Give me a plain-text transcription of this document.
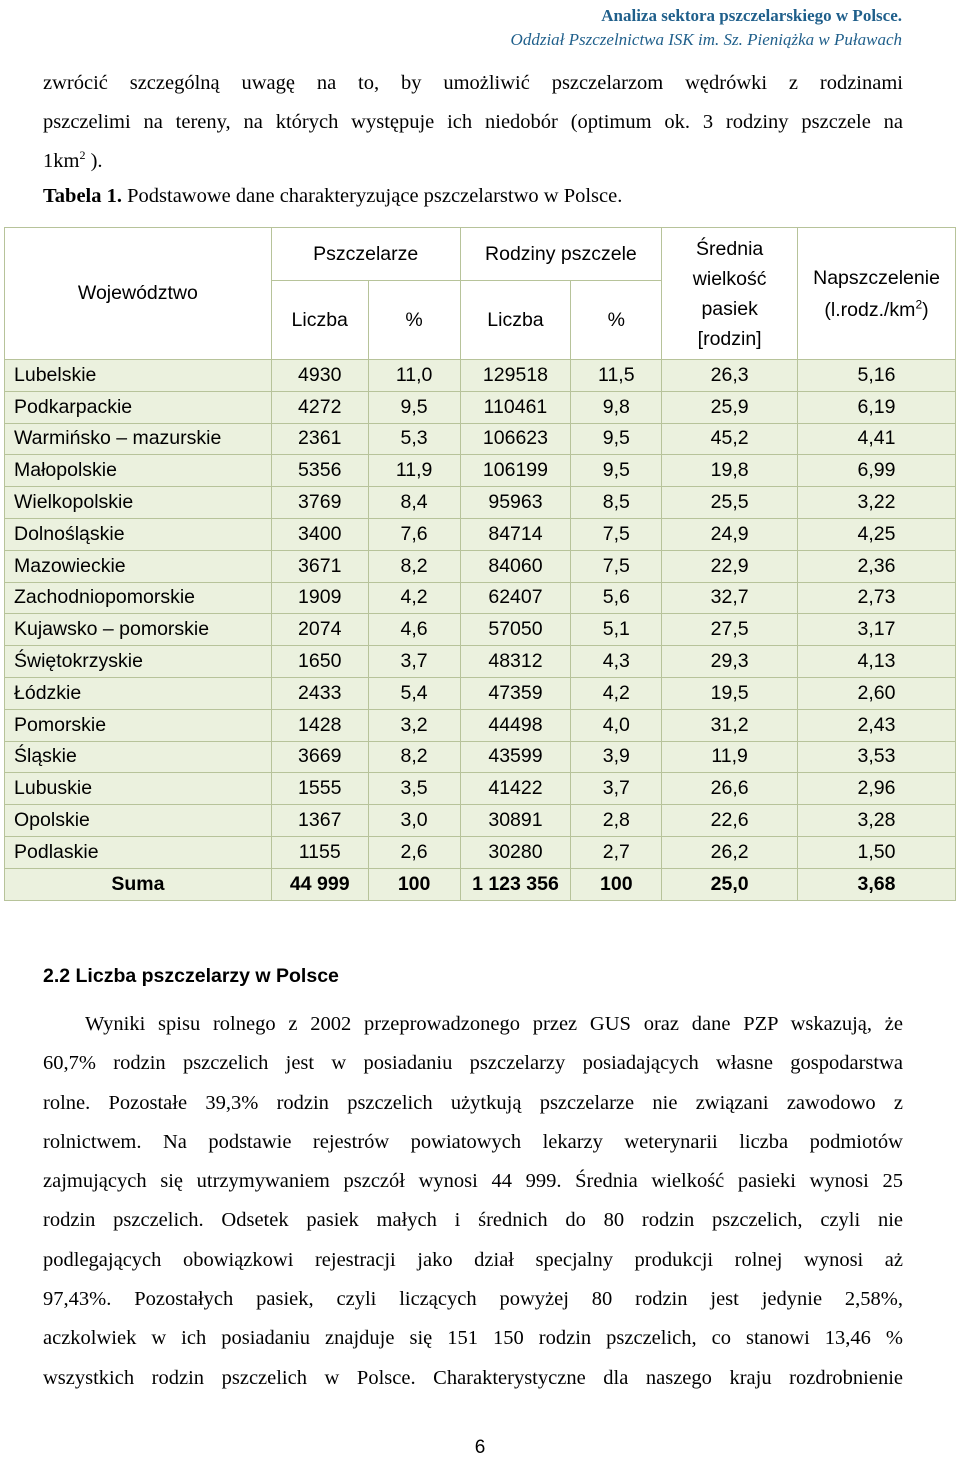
Analiza sektora pszczelarskiego w Polsce.
Oddział Pszczelnictwa ISK im. Sz. Pieniążka w Puławach
zwrócić szczególną uwagę na to, by umożliwić pszczelarzom wędrówki z rodzinami
pszczelimi na tereny, na których występuje ich niedobór (optimum ok. 3 rodziny pszczele na
$1km^2$ ).
Tabela 1. Podstawowe dane charakteryzujące pszczelarstwo w Polsce.
Województwo	Pszczelarze		Rodziny pszczele		Średnia
wielkość
pasiek
[rodzin]	Napszczelenie
$(l.rodz./km^2)$
	Liczba	%	Liczba	%		
Lubelskie	4930	11,0	129518	11,5	26,3	5,16
Podkarpackie	4272	9,5	110461	9,8	25,9	6,19
Warmińsko – mazurskie	2361	5,3	106623	9,5	45,2	4,41
Małopolskie	5356	11,9	106199	9,5	19,8	6,99
Wielkopolskie	3769	8,4	95963	8,5	25,5	3,22
Dolnośląskie	3400	7,6	84714	7,5	24,9	4,25
Mazowieckie	3671	8,2	84060	7,5	22,9	2,36
Zachodniopomorskie	1909	4,2	62407	5,6	32,7	2,73
Kujawsko – pomorskie	2074	4,6	57050	5,1	27,5	3,17
Świętokrzyskie	1650	3,7	48312	4,3	29,3	4,13
Łódzkie	2433	5,4	47359	4,2	19,5	2,60
Pomorskie	1428	3,2	44498	4,0	31,2	2,43
Śląskie	3669	8,2	43599	3,9	11,9	3,53
Lubuskie	1555	3,5	41422	3,7	26,6	2,96
Opolskie	1367	3,0	30891	2,8	22,6	3,28
Podlaskie	1155	2,6	30280	2,7	26,2	1,50
Suma	44 999	100	1 123 356	100	25,0	3,68
2.2 Liczba pszczelarzy w Polsce
Wyniki spisu rolnego z 2002 przeprowadzonego przez GUS oraz dane PZP wskazują, że
60,7% rodzin pszczelich jest w posiadaniu pszczelarzy posiadających własne gospodarstwa
rolne. Pozostałe 39,3% rodzin pszczelich użytkują pszczelarze nie związani zawodowo z
rolnictwem. Na podstawie rejestrów powiatowych lekarzy weterynarii liczba podmiotów
zajmujących się utrzymywaniem pszczół wynosi 44 999. Średnia wielkość pasieki wynosi 25
rodzin pszczelich. Odsetek pasiek małych i średnich do 80 rodzin pszczelich, czyli nie
podlegających obowiązkowi rejestracji jako dział specjalny produkcji rolnej wynosi aż
97,43%. Pozostałych pasiek, czyli liczących powyżej 80 rodzin jest jedynie 2,58%,
aczkolwiek w ich posiadaniu znajduje się 151 150 rodzin pszczelich, co stanowi 13,46 %
wszystkich rodzin pszczelich w Polsce. Charakterystyczne dla naszego kraju rozdrobnienie
6
